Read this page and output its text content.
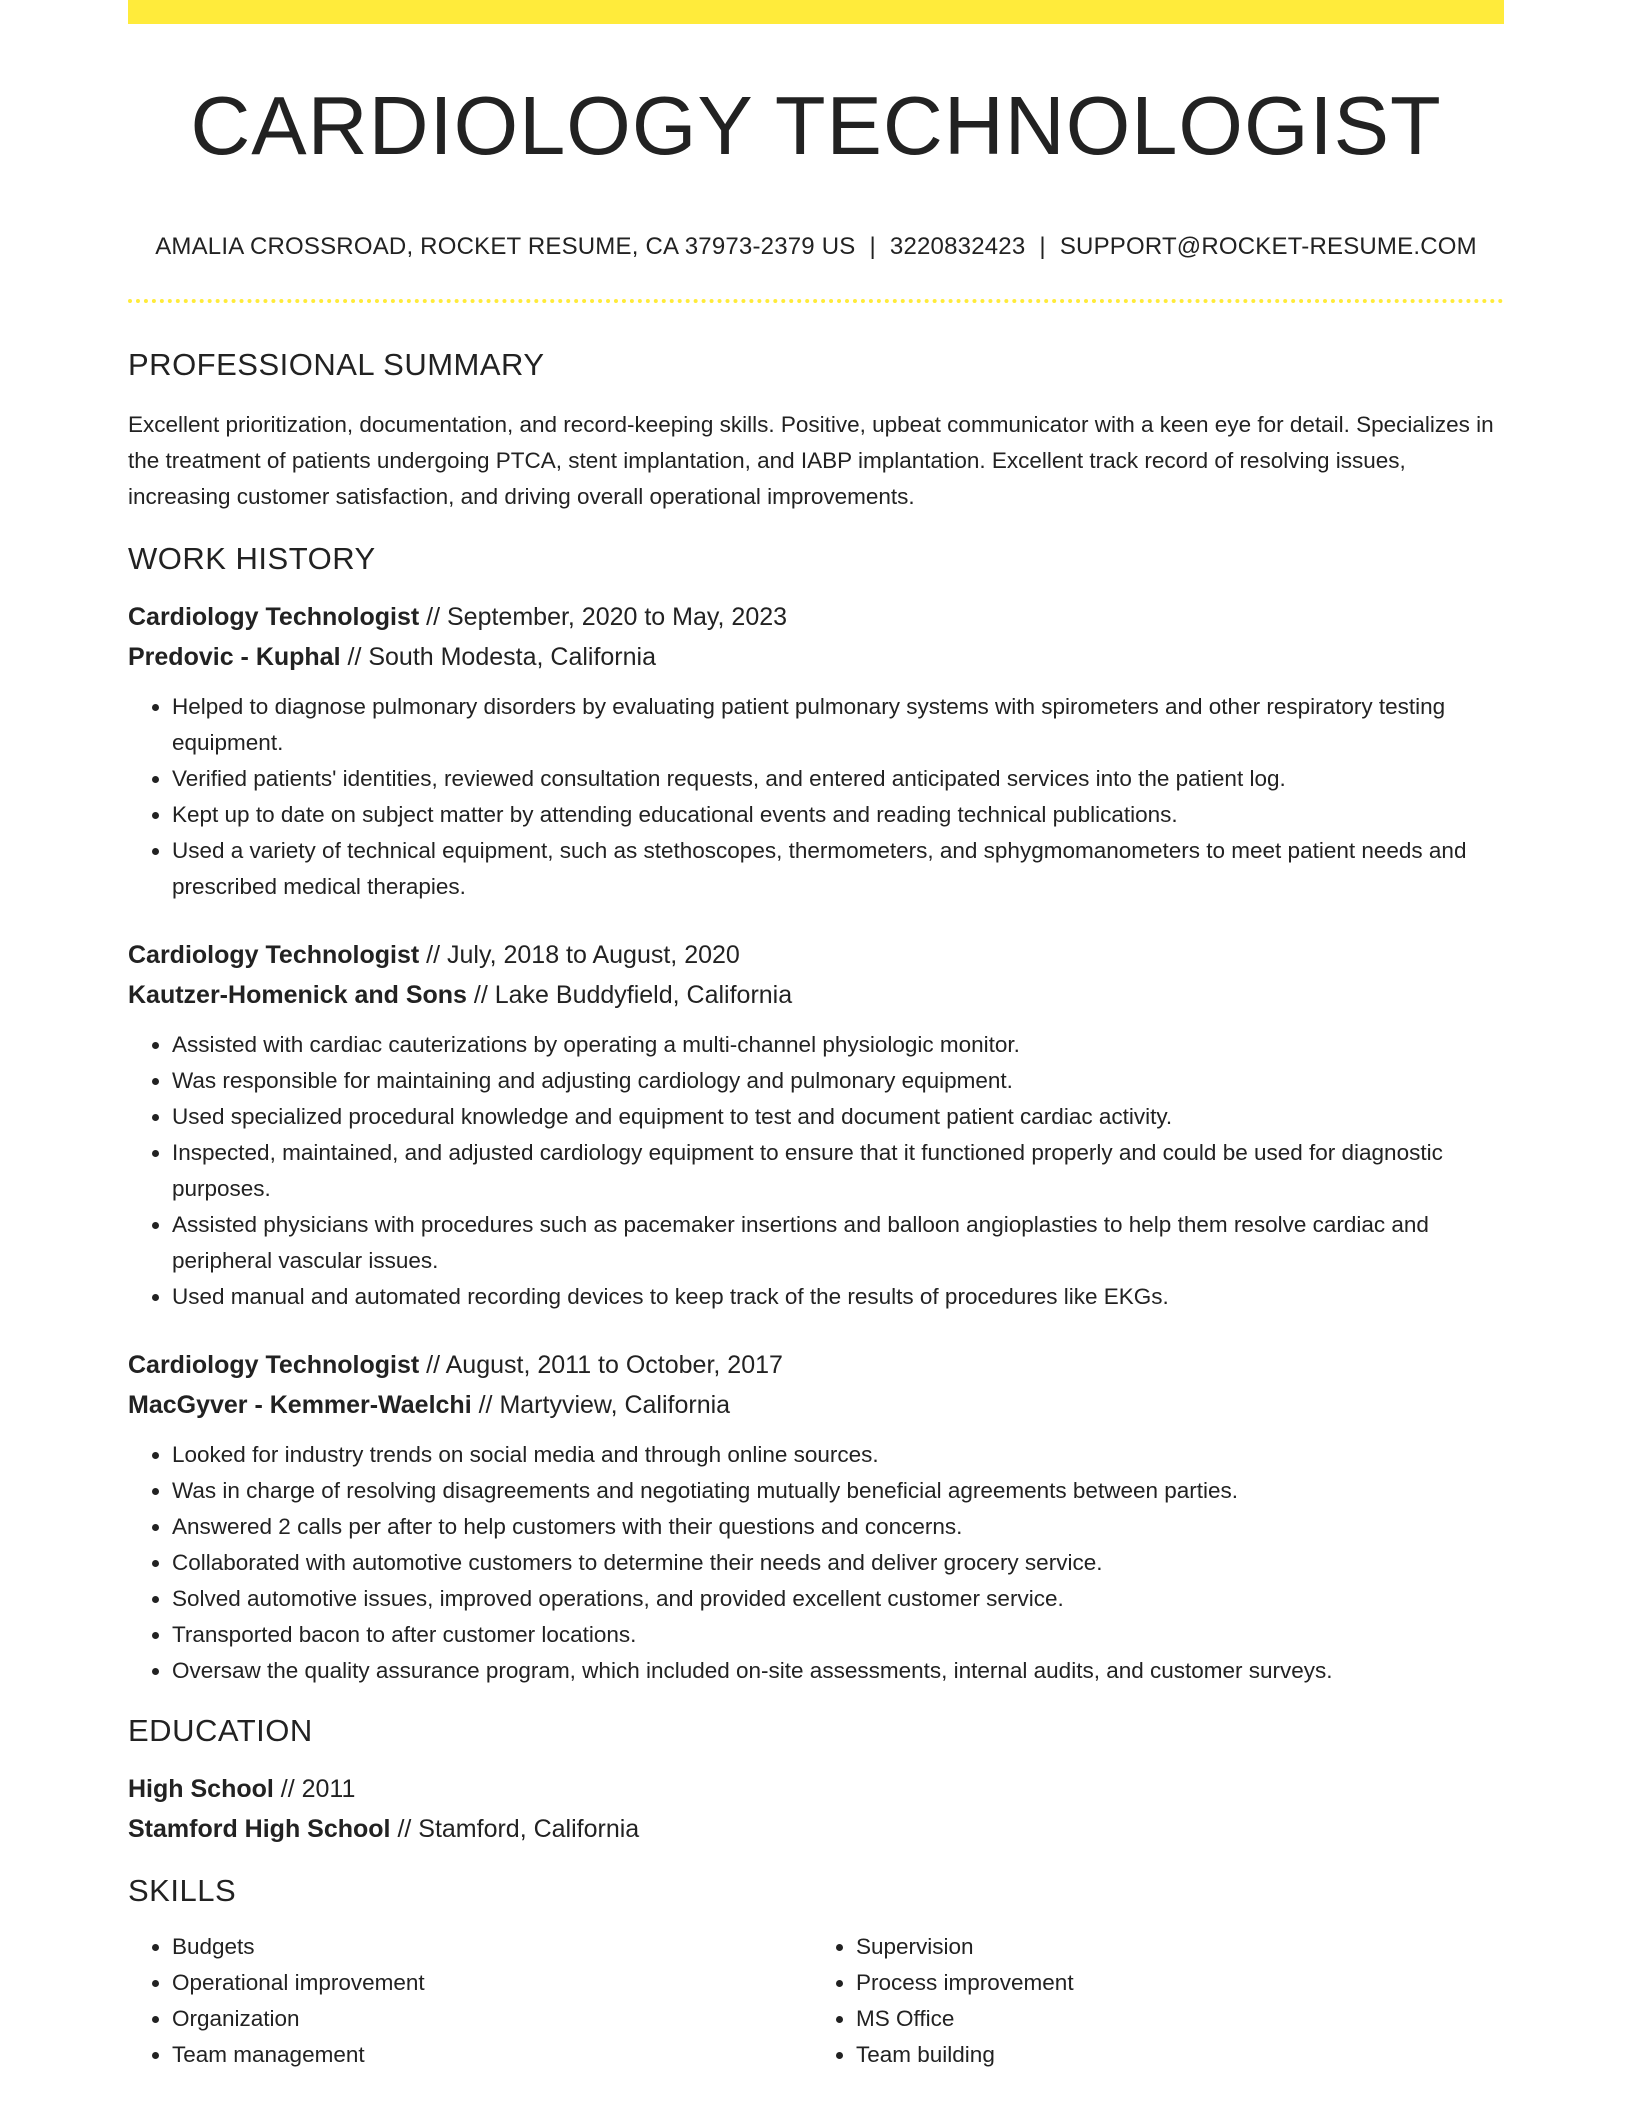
CARDIOLOGY TECHNOLOGIST
AMALIA CROSSROAD, ROCKET RESUME, CA 37973-2379 US | 3220832423 | SUPPORT@ROCKET-RESUME.COM
PROFESSIONAL SUMMARY
Excellent prioritization, documentation, and record-keeping skills. Positive, upbeat communicator with a keen eye for detail. Specializes in the treatment of patients undergoing PTCA, stent implantation, and IABP implantation. Excellent track record of resolving issues, increasing customer satisfaction, and driving overall operational improvements.
WORK HISTORY
Cardiology Technologist // September, 2020 to May, 2023
Predovic - Kuphal // South Modesta, California
• Helped to diagnose pulmonary disorders by evaluating patient pulmonary systems with spirometers and other respiratory testing equipment.
• Verified patients' identities, reviewed consultation requests, and entered anticipated services into the patient log.
• Kept up to date on subject matter by attending educational events and reading technical publications.
• Used a variety of technical equipment, such as stethoscopes, thermometers, and sphygmomanometers to meet patient needs and prescribed medical therapies.
Cardiology Technologist // July, 2018 to August, 2020
Kautzer-Homenick and Sons // Lake Buddyfield, California
• Assisted with cardiac cauterizations by operating a multi-channel physiologic monitor.
• Was responsible for maintaining and adjusting cardiology and pulmonary equipment.
• Used specialized procedural knowledge and equipment to test and document patient cardiac activity.
• Inspected, maintained, and adjusted cardiology equipment to ensure that it functioned properly and could be used for diagnostic purposes.
• Assisted physicians with procedures such as pacemaker insertions and balloon angioplasties to help them resolve cardiac and peripheral vascular issues.
• Used manual and automated recording devices to keep track of the results of procedures like EKGs.
Cardiology Technologist // August, 2011 to October, 2017
MacGyver - Kemmer-Waelchi // Martyview, California
• Looked for industry trends on social media and through online sources.
• Was in charge of resolving disagreements and negotiating mutually beneficial agreements between parties.
• Answered 2 calls per after to help customers with their questions and concerns.
• Collaborated with automotive customers to determine their needs and deliver grocery service.
• Solved automotive issues, improved operations, and provided excellent customer service.
• Transported bacon to after customer locations.
• Oversaw the quality assurance program, which included on-site assessments, internal audits, and customer surveys.
EDUCATION
High School // 2011
Stamford High School // Stamford, California
SKILLS
• Budgets
• Operational improvement
• Organization
• Team management
• Supervision
• Process improvement
• MS Office
• Team building
